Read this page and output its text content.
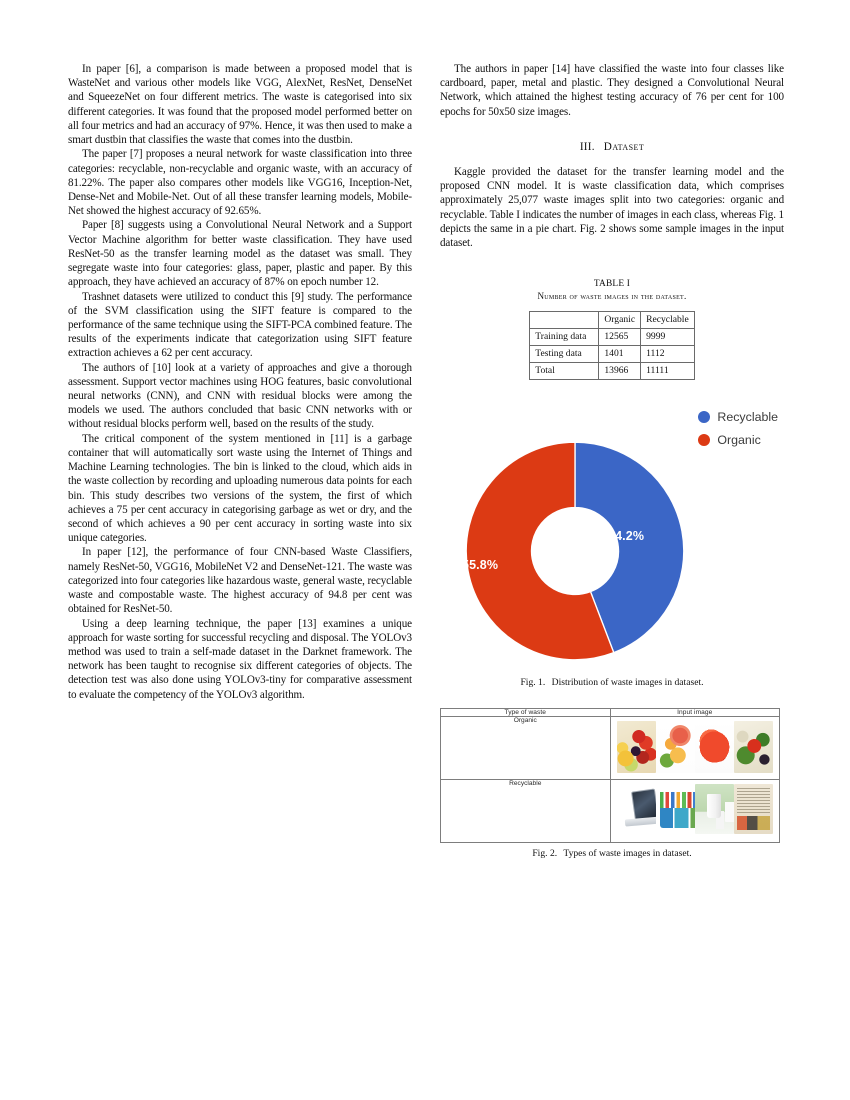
In paper [6], a comparison is made between a proposed model that is WasteNet and various other models like VGG, AlexNet, ResNet, DenseNet and SqueezeNet on four different metrics. The waste is categorised into six different categories. It was found that the proposed model performed better on all four metrics and had an accuracy of 97%. Hence, it was then used to make a smart dustbin that classifies the waste that comes into the dustbin.

The paper [7] proposes a neural network for waste classification into three categories: recyclable, non-recyclable and organic waste, with an accuracy of 81.22%. The paper also compares other models like VGG16, Inception-Net, Dense-Net and Mobile-Net. Out of all these transfer learning models, Mobile-Net showed the highest accuracy of 92.65%.

Paper [8] suggests using a Convolutional Neural Network and a Support Vector Machine algorithm for better waste classification. They have used ResNet-50 as the transfer learning model as the dataset was small. They segregate waste into four categories: glass, paper, plastic and paper. By this approach, they have achieved an accuracy of 87% on epoch number 12.

Trashnet datasets were utilized to conduct this [9] study. The performance of the SVM classification using the SIFT feature is compared to the performance of the same technique using the SIFT-PCA combined feature. The results of the experiments indicate that categorization using SIFT feature extraction achieves a 62 per cent accuracy.

The authors of [10] look at a variety of approaches and give a thorough assessment. Support vector machines using HOG features, basic convolutional neural networks (CNN), and CNN with residual blocks were among the models we used. The authors concluded that basic CNN networks with or without residual blocks perform well, based on the results of the study.

The critical component of the system mentioned in [11] is a garbage container that will automatically sort waste using the Internet of Things and Machine Learning technologies. The bin is linked to the cloud, which aids in the waste collection by recording and uploading numerous data points for each bin. This study describes two versions of the system, the first of which achieves a 75 per cent accuracy in categorising garbage as wet or dry, and the second of which achieves a 90 per cent accuracy in sorting waste into six unique categories.

In paper [12], the performance of four CNN-based Waste Classifiers, namely ResNet-50, VGG16, MobileNet V2 and DenseNet-121. The waste was categorized into four categories like hazardous waste, general waste, recyclable waste and compostable waste. The highest accuracy of 94.8 per cent was obtained for ResNet-50.

Using a deep learning technique, the paper [13] examines a unique approach for waste sorting for successful recycling and disposal. The YOLOv3 method was used to train a self-made dataset in the Darknet framework. The network has been taught to recognise six different categories of objects. The detection test was also done using YOLOv3-tiny for comparative assessment to evaluate the competency of the YOLOv3 algorithm.

The authors in paper [14] have classified the waste into four classes like cardboard, paper, metal and plastic. They designed a Convolutional Neural Network, which attained the highest testing accuracy of 76 per cent for 100 epochs for 50x50 size images.

III. Dataset

Kaggle provided the dataset for the transfer learning model and the proposed CNN model. It is waste classification data, which comprises approximately 25,077 waste images split into two categories: organic and recyclable. Table I indicates the number of images in each class, whereas Fig. 1 depicts the same in a pie chart. Fig. 2 shows some sample images in the input dataset.

TABLE I
Number of waste images in the dataset.
	Organic	Recyclable
Training data	12565	9999
Testing data	1401	1112
Total	13966	11111
Recyclable
Organic
44.2%
55.8%
Fig. 1. Distribution of waste images in dataset.
Type of waste	Input image
Organic	

Recyclable	
Fig. 2. Types of waste images in dataset.
